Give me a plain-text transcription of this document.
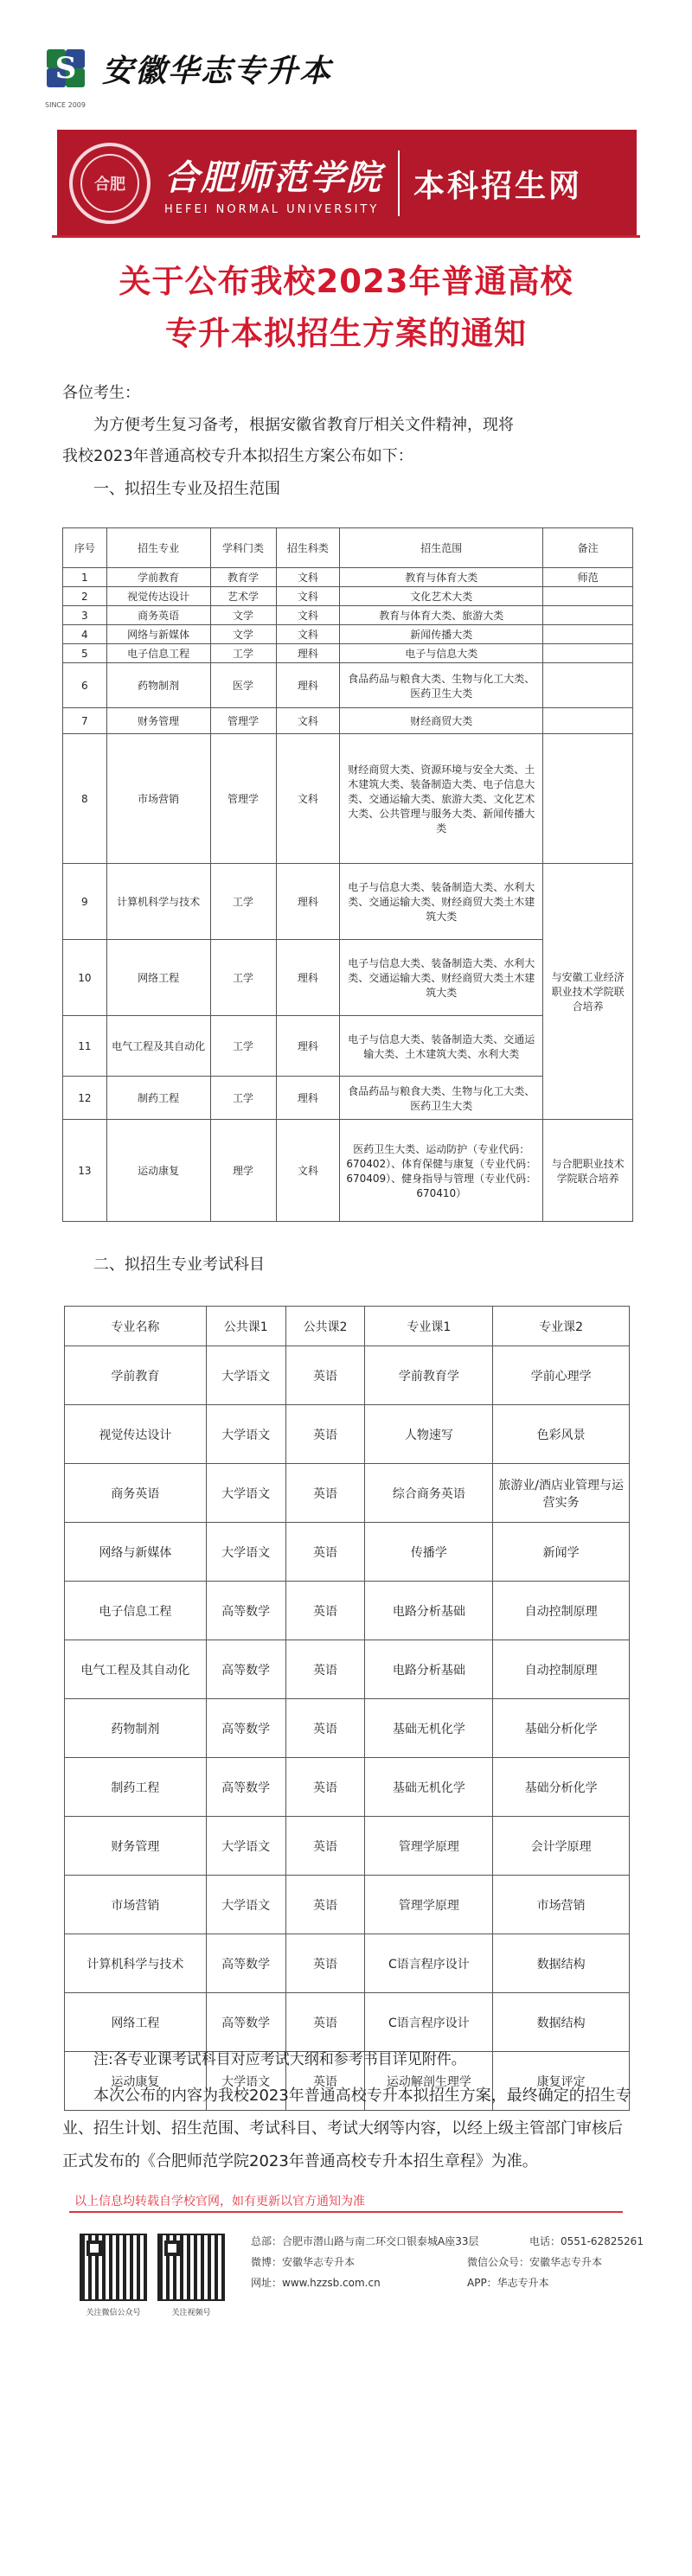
S 安徽华志专升本
SINCE 2009
合肥	合肥师范学院
HEFEI NORMAL UNIVERSITY
本科招生网
关于公布我校2023年普通高校
专升本拟招生方案的通知
各位考生：
为方便考生复习备考，根据安徽省教育厅相关文件精神，现将
我校2023年普通高校专升本拟招生方案公布如下：
一、拟招生专业及招生范围
序号	招生专业	学科门类	招生科类	招生范围	备注
1	学前教育	教育学	文科	教育与体育大类	师范
2	视觉传达设计	艺术学	文科	文化艺术大类	
3	商务英语	文学	文科	教育与体育大类、旅游大类	
4	网络与新媒体	文学	文科	新闻传播大类	
5	电子信息工程	工学	理科	电子与信息大类	
6	药物制剂	医学	理科	食品药品与粮食大类、生物与化工大类、医药卫生大类	
7	财务管理	管理学	文科	财经商贸大类	
8	市场营销	管理学	文科	财经商贸大类、资源环境与安全大类、土木建筑大类、装备制造大类、电子信息大类、交通运输大类、旅游大类、文化艺术大类、公共管理与服务大类、新闻传播大类	
9	计算机科学与技术	工学	理科	电子与信息大类、装备制造大类、水利大类、交通运输大类、财经商贸大类土木建筑大类	与安徽工业经济职业技术学院联合培养
10	网络工程	工学	理科	电子与信息大类、装备制造大类、水利大类、交通运输大类、财经商贸大类土木建筑大类	
11	电气工程及其自动化	工学	理科	电子与信息大类、装备制造大类、交通运输大类、土木建筑大类、水利大类	
12	制药工程	工学	理科	食品药品与粮食大类、生物与化工大类、医药卫生大类	
13	运动康复	理学	文科	医药卫生大类、运动防护（专业代码：670402）、体育保健与康复（专业代码：670409）、健身指导与管理（专业代码：670410）	与合肥职业技术学院联合培养
二、拟招生专业考试科目
专业名称	公共课1	公共课2	专业课1	专业课2
学前教育	大学语文	英语	学前教育学	学前心理学
视觉传达设计	大学语文	英语	人物速写	色彩风景
商务英语	大学语文	英语	综合商务英语	旅游业/酒店业管理与运营实务
网络与新媒体	大学语文	英语	传播学	新闻学
电子信息工程	高等数学	英语	电路分析基础	自动控制原理
电气工程及其自动化	高等数学	英语	电路分析基础	自动控制原理
药物制剂	高等数学	英语	基础无机化学	基础分析化学
制药工程	高等数学	英语	基础无机化学	基础分析化学
财务管理	大学语文	英语	管理学原理	会计学原理
市场营销	大学语文	英语	管理学原理	市场营销
计算机科学与技术	高等数学	英语	C语言程序设计	数据结构
网络工程	高等数学	英语	C语言程序设计	数据结构
运动康复	大学语文	英语	运动解剖生理学	康复评定
注:各专业课考试科目对应考试大纲和参考书目详见附件。
本次公布的内容为我校2023年普通高校专升本拟招生方案，最终确定的招生专业、招生计划、招生范围、考试科目、考试大纲等内容，以经上级主管部门审核后正式发布的《合肥师范学院2023年普通高校专升本招生章程》为准。
以上信息均转载自学校官网，如有更新以官方通知为准
关注微信公众号	关注视频号
总部：合肥市潜山路与南二环交口银泰城A座33层	电话：0551-62825261
微博：安徽华志专升本	微信公众号：安徽华志专升本
网址：www.hzzsb.com.cn	APP：华志专升本
